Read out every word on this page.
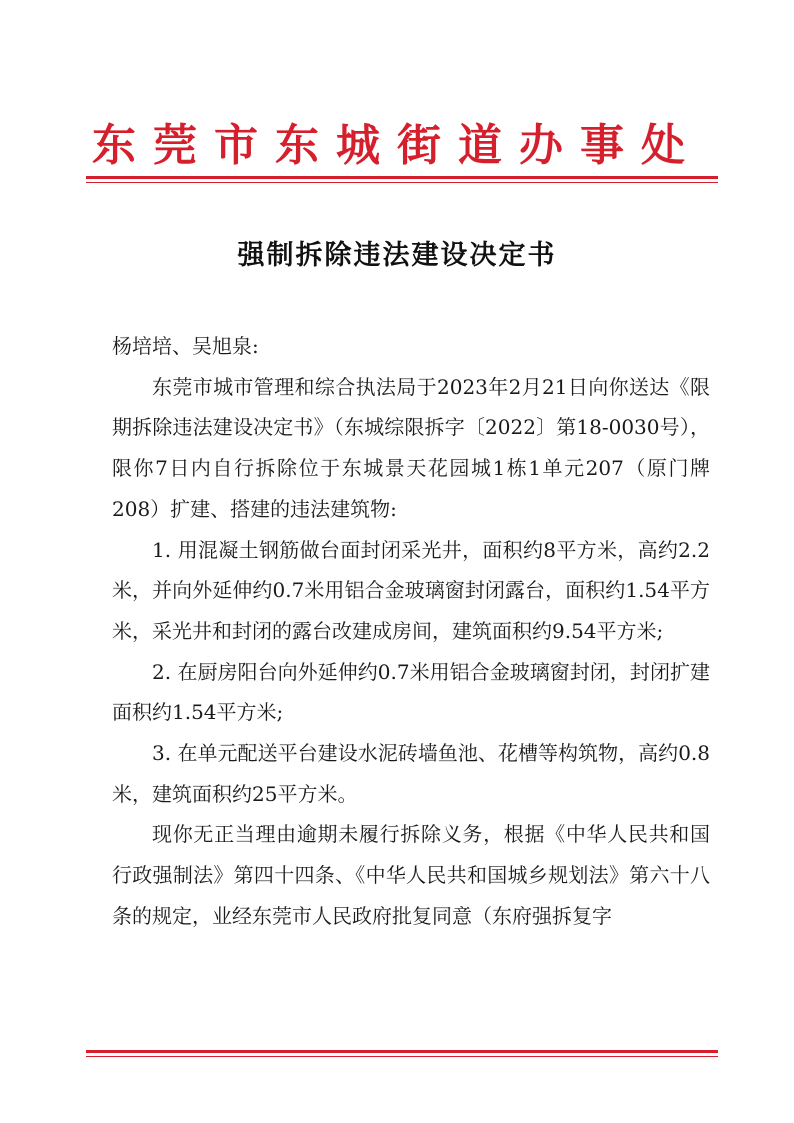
东莞市东城街道办事处
强制拆除违法建设决定书

杨培培、吴旭泉:

东莞市城市管理和综合执法局于2023年2月21日向你送达《限期拆除违法建设决定书》（东城综限拆字〔2022〕第18-0030号），限你7日内自行拆除位于东城景天花园城1栋1单元207（原门牌208）扩建、搭建的违法建筑物:

1. 用混凝土钢筋做台面封闭采光井，面积约8平方米，高约2.2米，并向外延伸约0.7米用铝合金玻璃窗封闭露台，面积约1.54平方米，采光井和封闭的露台改建成房间，建筑面积约9.54平方米;

2. 在厨房阳台向外延伸约0.7米用铝合金玻璃窗封闭，封闭扩建面积约1.54平方米;

3. 在单元配送平台建设水泥砖墙鱼池、花槽等构筑物，高约0.8米，建筑面积约25平方米。

现你无正当理由逾期未履行拆除义务，根据《中华人民共和国行政强制法》第四十四条、《中华人民共和国城乡规划法》第六十八条的规定，业经东莞市人民政府批复同意（东府强拆复字
